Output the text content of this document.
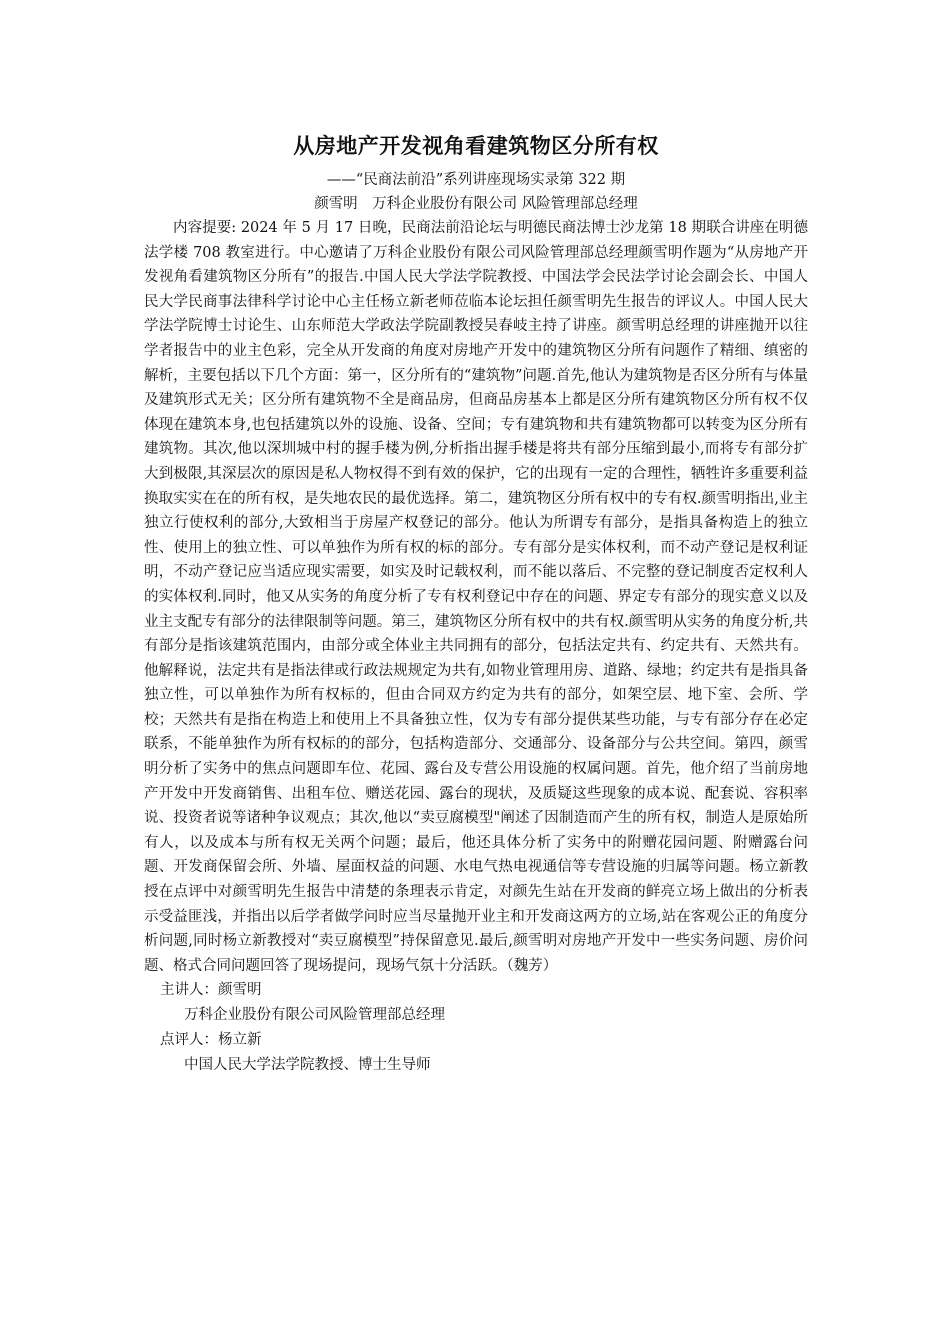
从房地产开发视角看建筑物区分所有权

——“民商法前沿”系列讲座现场实录第 322 期

颜雪明　万科企业股份有限公司 风险管理部总经理

内容提要: 2024 年 5 月 17 日晚，民商法前沿论坛与明德民商法博士沙龙第 18 期联合讲座在明德法学楼 708 教室进行。中心邀请了万科企业股份有限公司风险管理部总经理颜雪明作题为“从房地产开发视角看建筑物区分所有”的报告.中国人民大学法学院教授、中国法学会民法学讨论会副会长、中国人民大学民商事法律科学讨论中心主任杨立新老师莅临本论坛担任颜雪明先生报告的评议人。中国人民大学法学院博士讨论生、山东师范大学政法学院副教授吴春岐主持了讲座。颜雪明总经理的讲座抛开以往学者报告中的业主色彩，完全从开发商的角度对房地产开发中的建筑物区分所有问题作了精细、缜密的解析，主要包括以下几个方面：第一，区分所有的“建筑物”问题.首先,他认为建筑物是否区分所有与体量及建筑形式无关；区分所有建筑物不全是商品房，但商品房基本上都是区分所有建筑物区分所有权不仅体现在建筑本身,也包括建筑以外的设施、设备、空间；专有建筑物和共有建筑物都可以转变为区分所有建筑物。其次,他以深圳城中村的握手楼为例,分析指出握手楼是将共有部分压缩到最小,而将专有部分扩大到极限,其深层次的原因是私人物权得不到有效的保护，它的出现有一定的合理性，牺牲许多重要利益换取实实在在的所有权，是失地农民的最优选择。第二，建筑物区分所有权中的专有权.颜雪明指出,业主独立行使权利的部分,大致相当于房屋产权登记的部分。他认为所谓专有部分，是指具备构造上的独立性、使用上的独立性、可以单独作为所有权的标的部分。专有部分是实体权利，而不动产登记是权利证明，不动产登记应当适应现实需要，如实及时记载权利，而不能以落后、不完整的登记制度否定权利人的实体权利.同时，他又从实务的角度分析了专有权利登记中存在的问题、界定专有部分的现实意义以及业主支配专有部分的法律限制等问题。第三，建筑物区分所有权中的共有权.颜雪明从实务的角度分析,共有部分是指该建筑范围内，由部分或全体业主共同拥有的部分，包括法定共有、约定共有、天然共有。他解释说，法定共有是指法律或行政法规规定为共有,如物业管理用房、道路、绿地；约定共有是指具备独立性，可以单独作为所有权标的，但由合同双方约定为共有的部分，如架空层、地下室、会所、学校；天然共有是指在构造上和使用上不具备独立性，仅为专有部分提供某些功能，与专有部分存在必定联系，不能单独作为所有权标的的部分，包括构造部分、交通部分、设备部分与公共空间。第四，颜雪明分析了实务中的焦点问题即车位、花园、露台及专营公用设施的权属问题。首先，他介绍了当前房地产开发中开发商销售、出租车位、赠送花园、露台的现状，及质疑这些现象的成本说、配套说、容积率说、投资者说等诸种争议观点；其次,他以“卖豆腐模型"阐述了因制造而产生的所有权，制造人是原始所有人，以及成本与所有权无关两个问题；最后，他还具体分析了实务中的附赠花园问题、附赠露台问题、开发商保留会所、外墙、屋面权益的问题、水电气热电视通信等专营设施的归属等问题。杨立新教授在点评中对颜雪明先生报告中清楚的条理表示肯定，对颜先生站在开发商的鲜亮立场上做出的分析表示受益匪浅，并指出以后学者做学问时应当尽量抛开业主和开发商这两方的立场,站在客观公正的角度分析问题,同时杨立新教授对“卖豆腐模型”持保留意见.最后,颜雪明对房地产开发中一些实务问题、房价问题、格式合同问题回答了现场提问，现场气氛十分活跃。（魏芳）

主讲人：颜雪明

万科企业股份有限公司风险管理部总经理

点评人：杨立新

中国人民大学法学院教授、博士生导师
